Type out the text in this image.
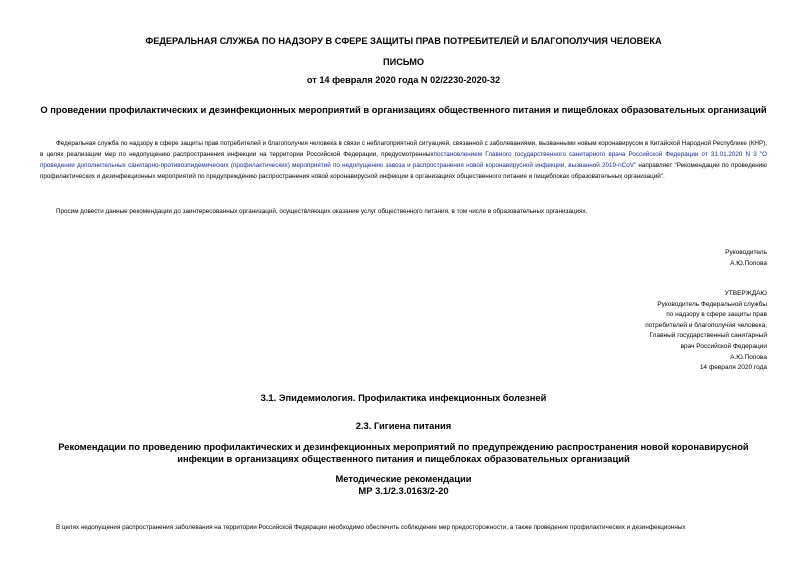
ФЕДЕРАЛЬНАЯ СЛУЖБА ПО НАДЗОРУ В СФЕРЕ ЗАЩИТЫ ПРАВ ПОТРЕБИТЕЛЕЙ И БЛАГОПОЛУЧИЯ ЧЕЛОВЕКА
ПИСЬМО
от 14 февраля 2020 года N 02/2230-2020-32
О проведении профилактических и дезинфекционных мероприятий в организациях общественного питания и пищеблоках образовательных организаций
Федеральная служба по надзору в сфере защиты прав потребителей и благополучия человека в связи с неблагоприятной ситуацией, связанной с заболеваниями, вызванными новым коронавирусом в Китайской Народной Республике (КНР), в целях реализации мер по недопущению распространения инфекции на территории Российской Федерации, предусмотренныхпостановлением Главного государственного санитарного врача Российской Федерации от 31.01.2020 N 3 "О проведении дополнительных санитарно-противоэпидемических (профилактических) мероприятий по недопущению завоза и распространения новой коронавирусной инфекции, вызванной 2019-nCoV" направляет "Рекомендации по проведению профилактических и дезинфекционных мероприятий по предупреждению распространения новой коронавирусной инфекции в организациях общественного питания и пищеблоках образовательных организаций".
Просим довести данные рекомендации до заинтересованных организаций, осуществляющих оказание услуг общественного питания, в том числе в образовательных организациях.
Руководитель
А.Ю.Попова
УТВЕРЖДАЮ
Руководитель Федеральной службы
по надзору в сфере защиты прав
потребителей и благополучия человека,
Главный государственный санитарный
врач Российской Федерации
А.Ю.Попова
14 февраля 2020 года
3.1. Эпидемиология. Профилактика инфекционных болезней
2.3. Гигиена питания
Рекомендации по проведению профилактических и дезинфекционных мероприятий по предупреждению распространения новой коронавирусной инфекции в организациях общественного питания и пищеблоках образовательных организаций
Методические рекомендации
МР 3.1/2.3.0163/2-20
В целях недопущения распространения заболевания на территории Российской Федерации необходимо обеспечить соблюдение мер предосторожности, а также проведение профилактических и дезинфекционных
